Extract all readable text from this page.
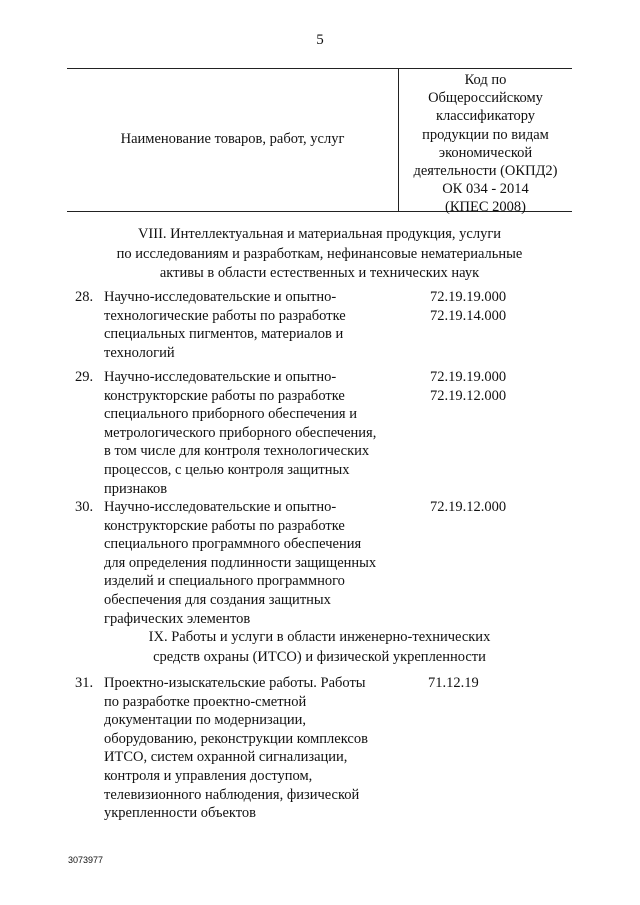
5
Наименование товаров, работ, услуг
Код по
Общероссийскому
классификатору
продукции по видам
экономической
деятельности (ОКПД2)
ОК 034 - 2014
(КПЕС 2008)
VIII. Интеллектуальная и материальная продукция, услуги
по исследованиям и разработкам, нефинансовые нематериальные
активы в области естественных и технических наук
28. Научно-исследовательские и опытно-
технологические работы по разработке
специальных пигментов, материалов и
технологий
72.19.19.000
72.19.14.000
29. Научно-исследовательские и опытно-
конструкторские работы по разработке
специального приборного обеспечения и
метрологического приборного обеспечения,
в том числе для контроля технологических
процессов, с целью контроля защитных
признаков
72.19.19.000
72.19.12.000
30. Научно-исследовательские и опытно-
конструкторские работы по разработке
специального программного обеспечения
для определения подлинности защищенных
изделий и специального программного
обеспечения для создания защитных
графических элементов
72.19.12.000
IX. Работы и услуги в области инженерно-технических
средств охраны (ИТСО) и физической укрепленности
31. Проектно-изыскательские работы. Работы
по разработке проектно-сметной
документации по модернизации,
оборудованию, реконструкции комплексов
ИТСО, систем охранной сигнализации,
контроля и управления доступом,
телевизионного наблюдения, физической
укрепленности объектов
71.12.19
3073977
